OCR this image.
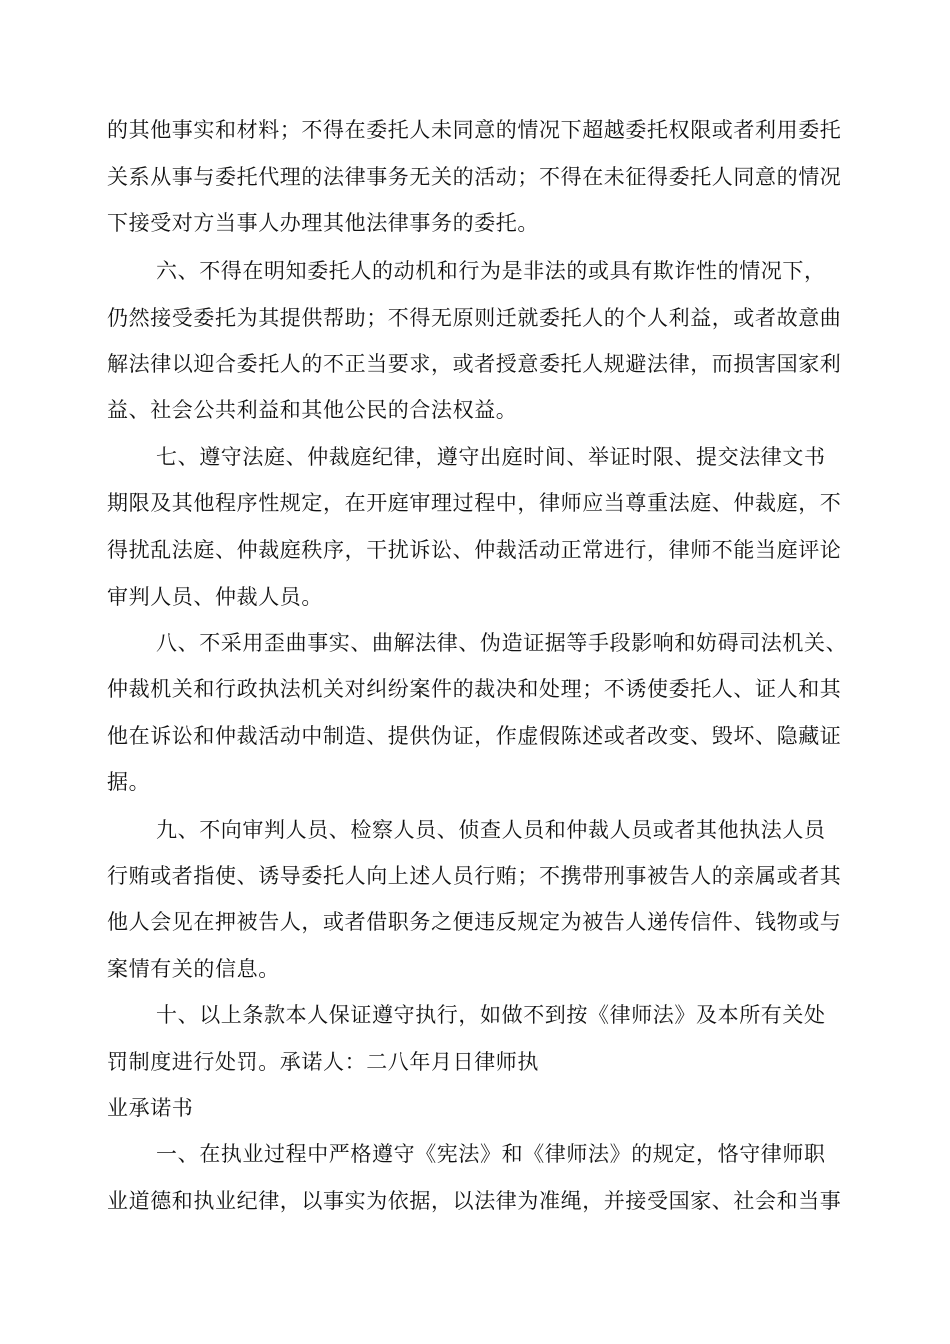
的其他事实和材料；不得在委托人未同意的情况下超越委托权限或者利用委托
关系从事与委托代理的法律事务无关的活动；不得在未征得委托人同意的情况
下接受对方当事人办理其他法律事务的委托。
六、不得在明知委托人的动机和行为是非法的或具有欺诈性的情况下，
仍然接受委托为其提供帮助；不得无原则迁就委托人的个人利益，或者故意曲
解法律以迎合委托人的不正当要求，或者授意委托人规避法律，而损害国家利
益、社会公共利益和其他公民的合法权益。
七、遵守法庭、仲裁庭纪律，遵守出庭时间、举证时限、提交法律文书
期限及其他程序性规定，在开庭审理过程中，律师应当尊重法庭、仲裁庭，不
得扰乱法庭、仲裁庭秩序，干扰诉讼、仲裁活动正常进行，律师不能当庭评论
审判人员、仲裁人员。
八、不采用歪曲事实、曲解法律、伪造证据等手段影响和妨碍司法机关、
仲裁机关和行政执法机关对纠纷案件的裁决和处理；不诱使委托人、证人和其
他在诉讼和仲裁活动中制造、提供伪证，作虚假陈述或者改变、毁坏、隐藏证
据。
九、不向审判人员、检察人员、侦查人员和仲裁人员或者其他执法人员
行贿或者指使、诱导委托人向上述人员行贿；不携带刑事被告人的亲属或者其
他人会见在押被告人，或者借职务之便违反规定为被告人递传信件、钱物或与
案情有关的信息。
十、以上条款本人保证遵守执行，如做不到按《律师法》及本所有关处
罚制度进行处罚。承诺人：二八年月日律师执
业承诺书
一、在执业过程中严格遵守《宪法》和《律师法》的规定，恪守律师职
业道德和执业纪律，以事实为依据，以法律为准绳，并接受国家、社会和当事
